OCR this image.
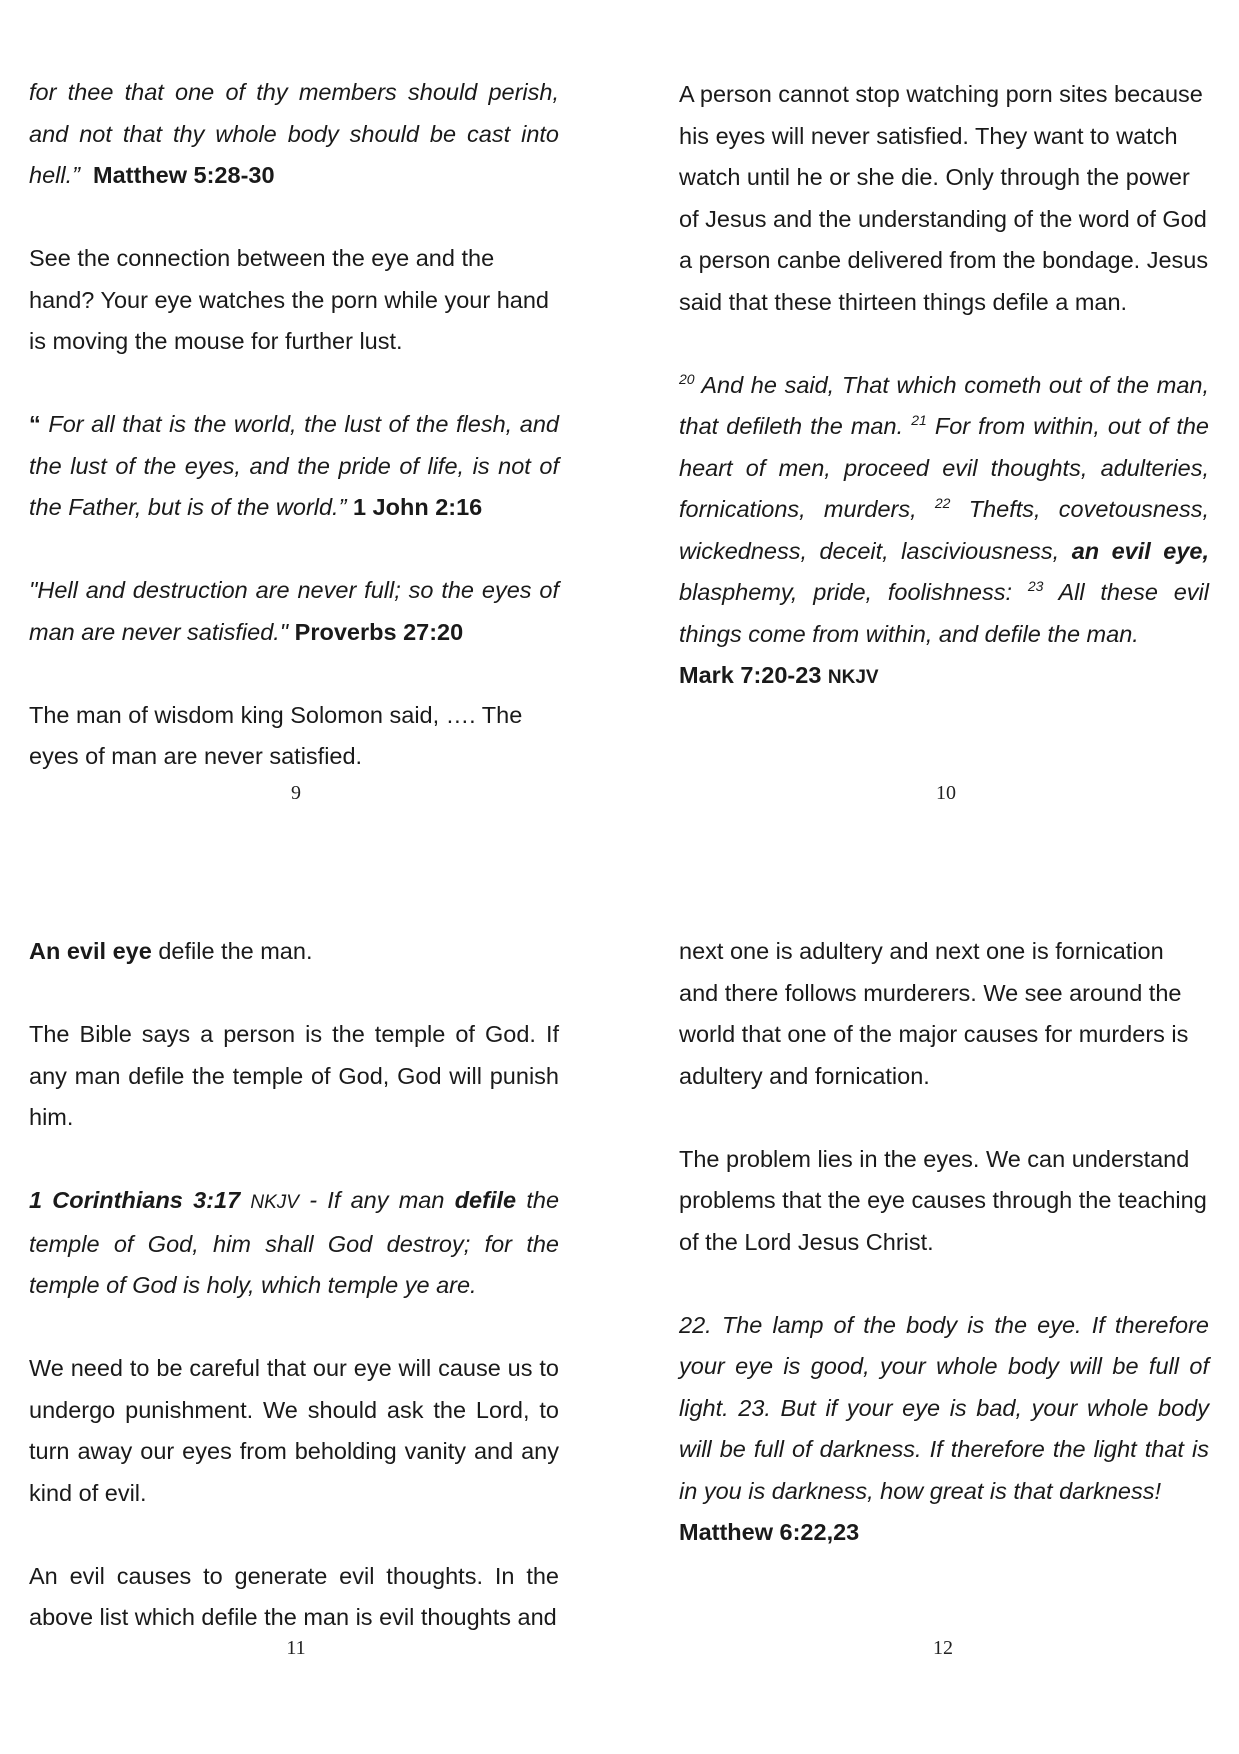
for thee that one of thy members should perish, and not that thy whole body should be cast into hell.” Matthew 5:28-30

See the connection between the eye and the hand? Your eye watches the porn while your hand is moving the mouse for further lust.

“ For all that is the world, the lust of the flesh, and the lust of the eyes, and the pride of life, is not of the Father, but is of the world.” 1 John 2:16

"Hell and destruction are never full; so the eyes of man are never satisfied." Proverbs 27:20

The man of wisdom king Solomon said, …. The eyes of man are never satisfied.

9

A person cannot stop watching porn sites because his eyes will never satisfied. They want to watch watch until he or she die. Only through the power of Jesus and the understanding of the word of God a person canbe delivered from the bondage. Jesus said that these thirteen things defile a man.

$^{20}$ And he said, That which cometh out of the man, that defileth the man. $^{21}$ For from within, out of the heart of men, proceed evil thoughts, adulteries, fornications, murders, $^{22}$ Thefts, covetousness, wickedness, deceit, lasciviousness, an evil eye, blasphemy, pride, foolishness: $^{23}$ All these evil things come from within, and defile the man.
Mark 7:20-23 NKJV

10

An evil eye defile the man.

The Bible says a person is the temple of God. If any man defile the temple of God, God will punish him.

1 Corinthians 3:17 NKJV - If any man defile the temple of God, him shall God destroy; for the temple of God is holy, which temple ye are.

We need to be careful that our eye will cause us to undergo punishment. We should ask the Lord, to turn away our eyes from beholding vanity and any kind of evil.

An evil causes to generate evil thoughts. In the above list which defile the man is evil thoughts and

11

next one is adultery and next one is fornication and there follows murderers. We see around the world that one of the major causes for murders is adultery and fornication.

The problem lies in the eyes. We can understand problems that the eye causes through the teaching of the Lord Jesus Christ.

22. The lamp of the body is the eye. If therefore your eye is good, your whole body will be full of light. 23. But if your eye is bad, your whole body will be full of darkness. If therefore the light that is in you is darkness, how great is that darkness!
Matthew 6:22,23

12
